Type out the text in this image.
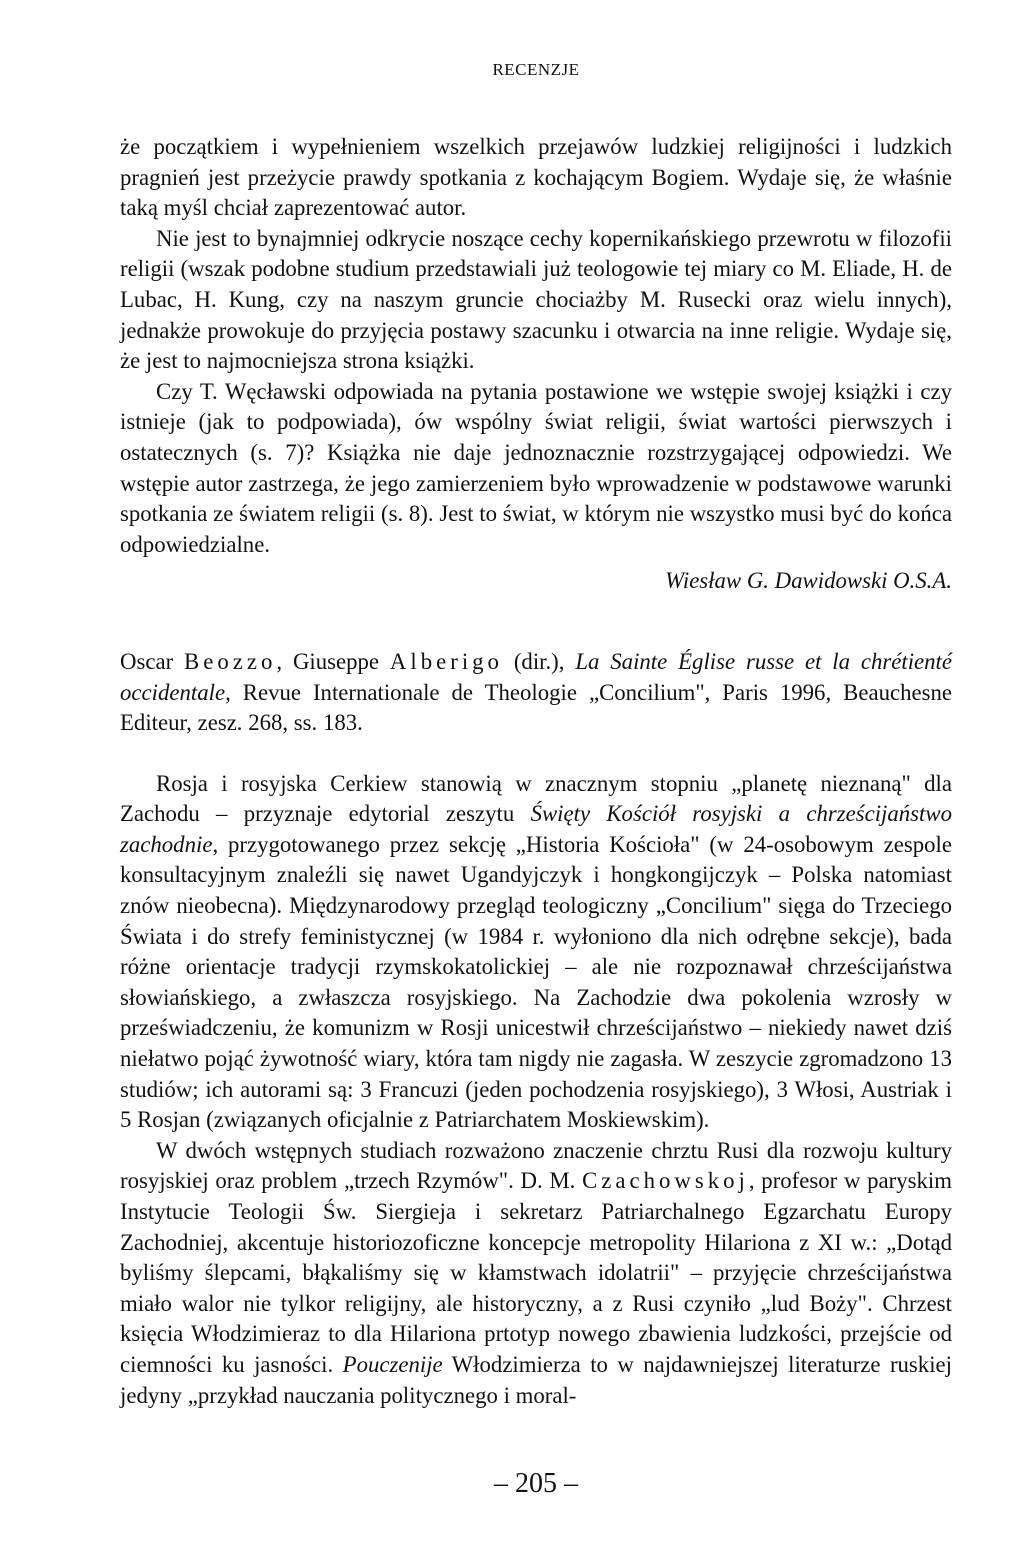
RECENZJE

że początkiem i wypełnieniem wszelkich przejawów ludzkiej religijności i ludzkich pragnień jest przeżycie prawdy spotkania z kochającym Bogiem. Wydaje się, że właśnie taką myśl chciał zaprezentować autor.

Nie jest to bynajmniej odkrycie noszące cechy kopernikańskiego przewrotu w filozofii religii (wszak podobne studium przedstawiali już teologowie tej miary co M. Eliade, H. de Lubac, H. Kung, czy na naszym gruncie chociażby M. Rusecki oraz wielu innych), jednakże prowokuje do przyjęcia postawy szacunku i otwarcia na inne religie. Wydaje się, że jest to najmocniejsza strona książki.

Czy T. Węcławski odpowiada na pytania postawione we wstępie swojej książki i czy istnieje (jak to podpowiada), ów wspólny świat religii, świat wartości pierwszych i ostatecznych (s. 7)? Książka nie daje jednoznacznie rozstrzygającej odpowiedzi. We wstępie autor zastrzega, że jego zamierzeniem było wprowadzenie w podstawowe warunki spotkania ze światem religii (s. 8). Jest to świat, w którym nie wszystko musi być do końca odpowiedzialne.

Wiesław G. Dawidowski O.S.A.

Oscar Beozzo, Giuseppe Alberigo (dir.), La Sainte Église russe et la chrétienté occidentale, Revue Internationale de Theologie „Concilium", Paris 1996, Beauchesne Editeur, zesz. 268, ss. 183.

Rosja i rosyjska Cerkiew stanowią w znacznym stopniu „planetę nieznaną" dla Zachodu – przyznaje edytorial zeszytu Święty Kościół rosyjski a chrześcijaństwo zachodnie, przygotowanego przez sekcję „Historia Kościoła" (w 24-osobowym zespole konsultacyjnym znaleźli się nawet Ugandyjczyk i hongkongijczyk – Polska natomiast znów nieobecna). Międzynarodowy przegląd teologiczny „Concilium" sięga do Trzeciego Świata i do strefy feministycznej (w 1984 r. wyłoniono dla nich odrębne sekcje), bada różne orientacje tradycji rzymskokatolickiej – ale nie rozpoznawał chrześcijaństwa słowiańskiego, a zwłaszcza rosyjskiego. Na Zachodzie dwa pokolenia wzrosły w przeświadczeniu, że komunizm w Rosji unicestwił chrześcijaństwo – niekiedy nawet dziś niełatwo pojąć żywotność wiary, która tam nigdy nie zagasła. W zeszycie zgromadzono 13 studiów; ich autorami są: 3 Francuzi (jeden pochodzenia rosyjskiego), 3 Włosi, Austriak i 5 Rosjan (związanych oficjalnie z Patriarchatem Moskiewskim).

W dwóch wstępnych studiach rozważono znaczenie chrztu Rusi dla rozwoju kultury rosyjskiej oraz problem „trzech Rzymów". D. M. Czachowskoj, profesor w paryskim Instytucie Teologii Św. Siergieja i sekretarz Patriarchalnego Egzarchatu Europy Zachodniej, akcentuje historiozoficzne koncepcje metropolity Hilariona z XI w.: „Dotąd byliśmy ślepcami, błąkaliśmy się w kłamstwach idolatrii" – przyjęcie chrześcijaństwa miało walor nie tylkor religijny, ale historyczny, a z Rusi czyniło „lud Boży". Chrzest księcia Włodzimieraz to dla Hilariona prtotyp nowego zbawienia ludzkości, przejście od ciemności ku jasności. Pouczenije Włodzimierza to w najdawniejszej literaturze ruskiej jedyny „przykład nauczania politycznego i moral-

– 205 –
